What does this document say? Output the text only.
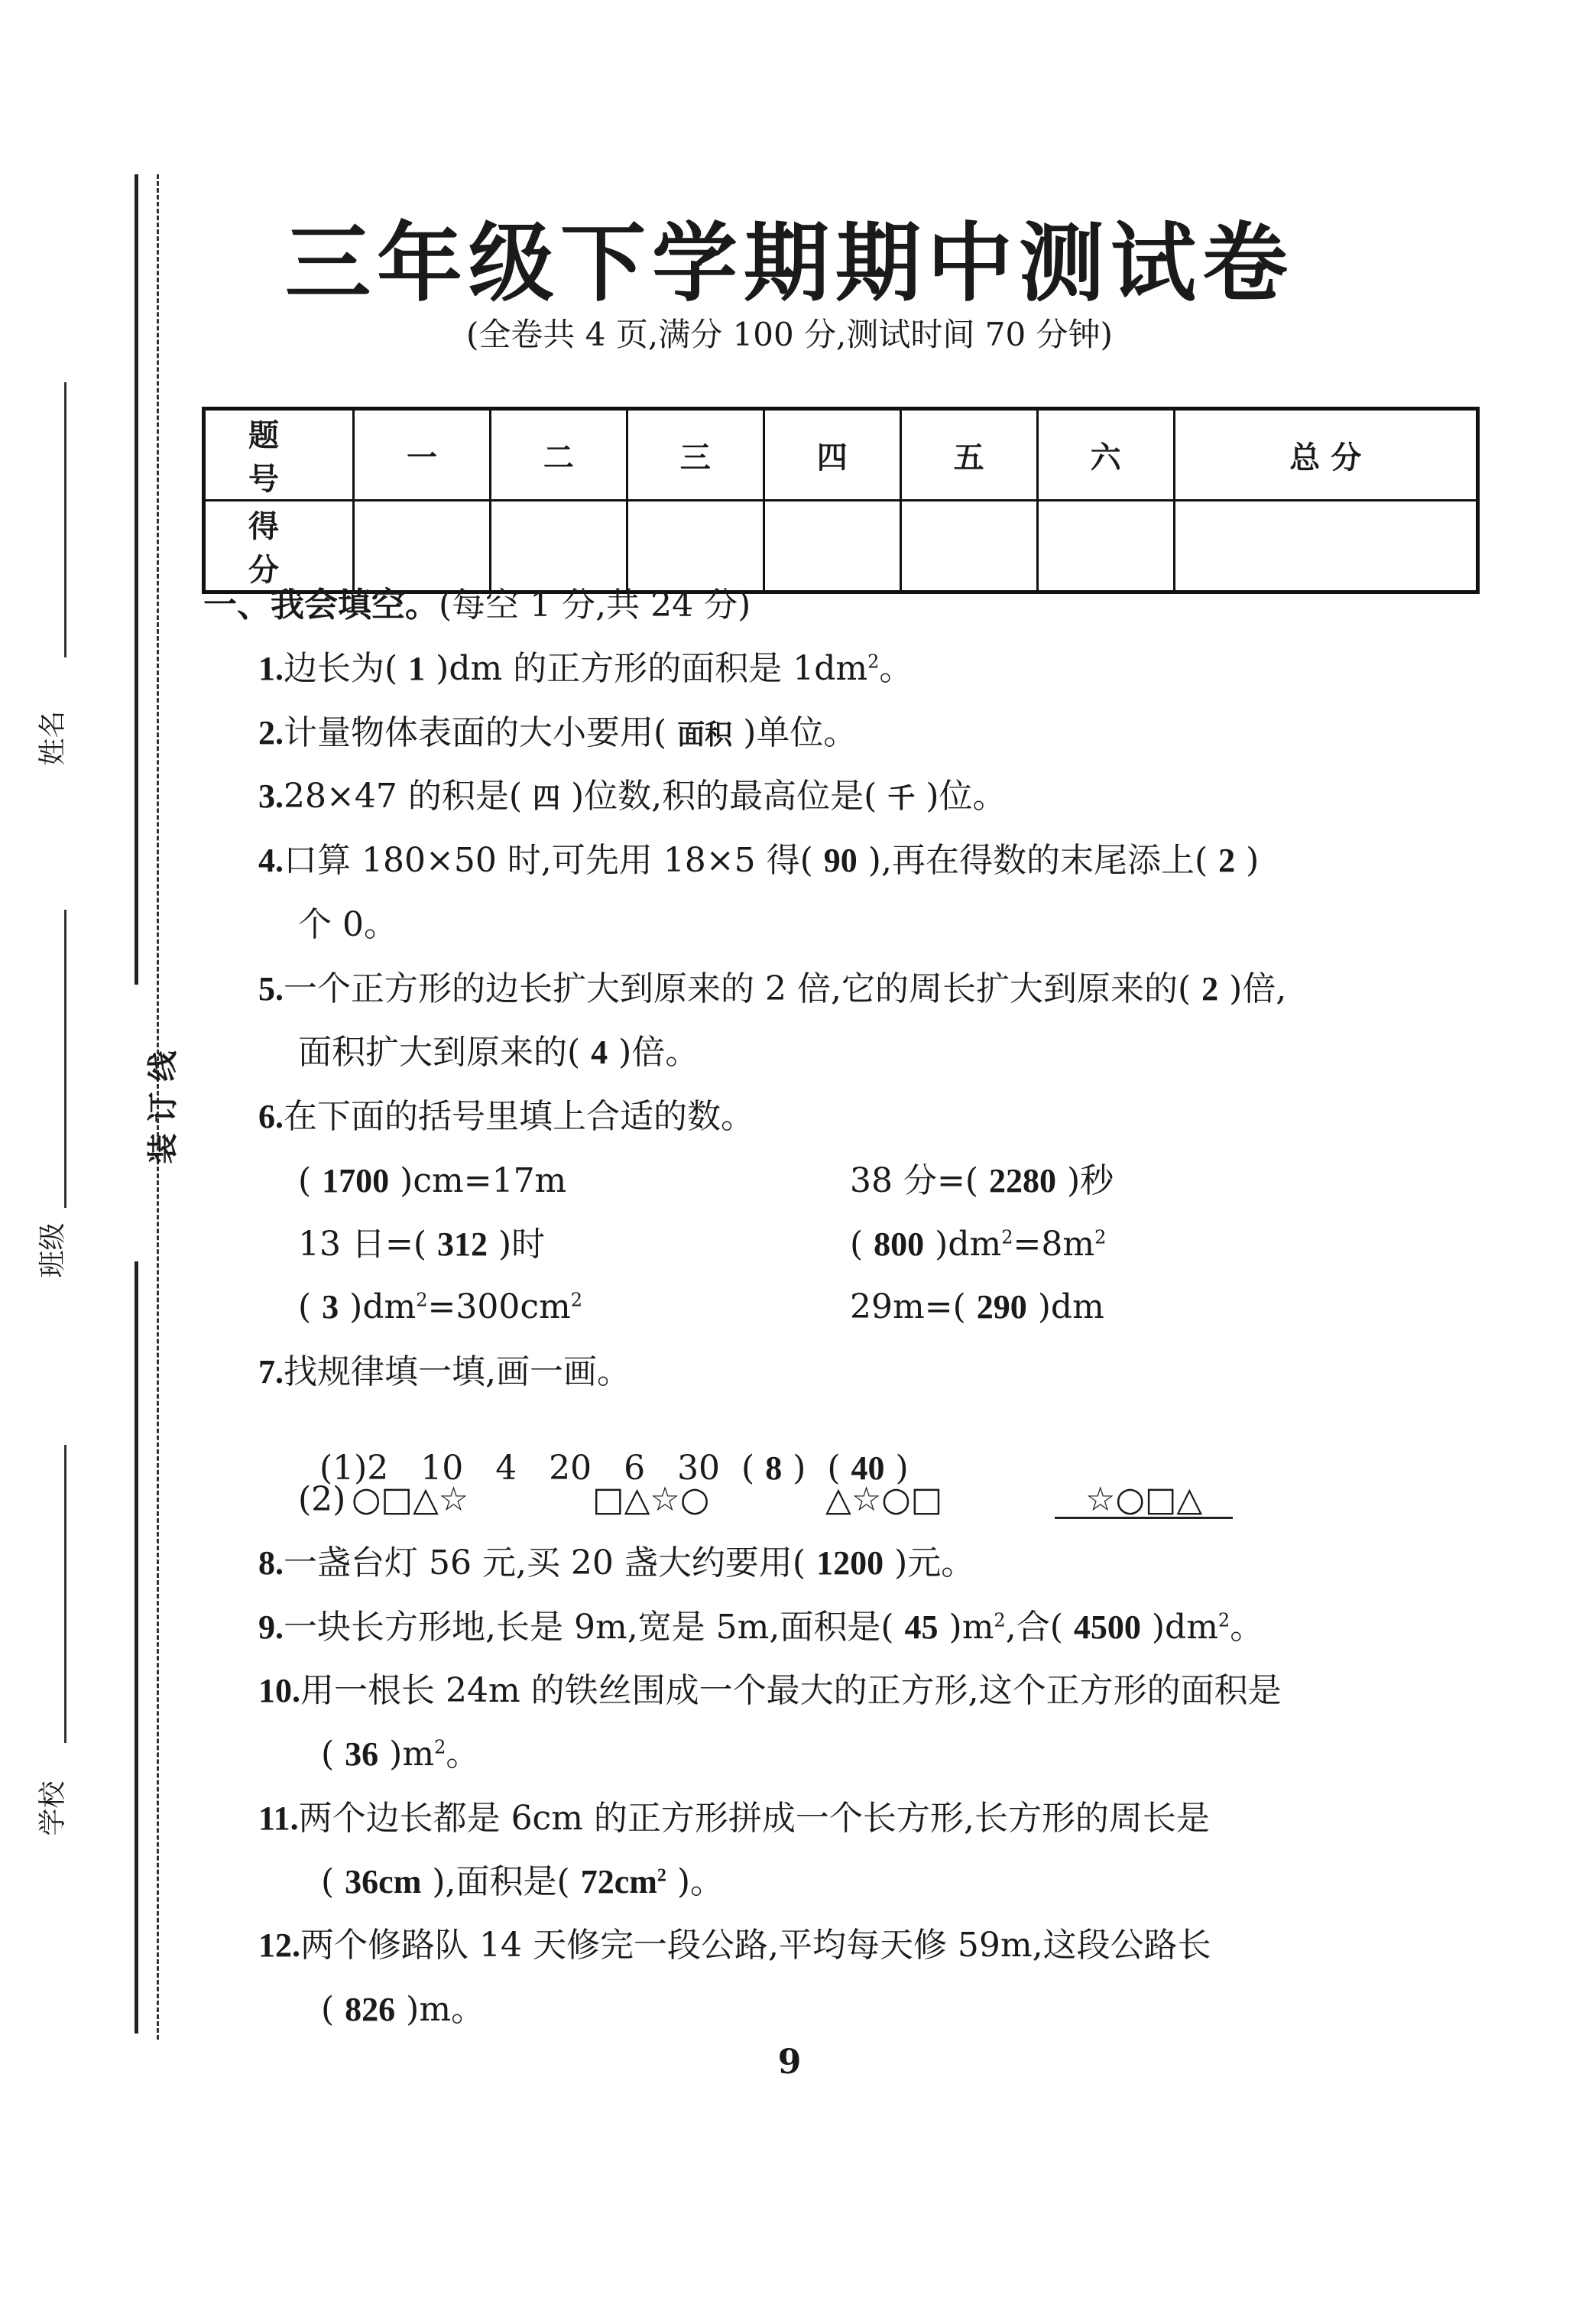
装 订 线
姓名
班级
学校
三年级下学期期中测试卷
(全卷共 4 页,满分 100 分,测试时间 70 分钟)
题 号	一	二	三	四	五	六	总 分
得 分							
一、我会填空。(每空 1 分,共 24 分)
1.边长为( 1 )dm 的正方形的面积是 $1dm^2$。
2.计量物体表面的大小要用( 面积 )单位。
3.28×47 的积是( 四 )位数,积的最高位是( 千 )位。
4.口算 180×50 时,可先用 18×5 得( 90 ),再在得数的末尾添上( 2 )
个 0。
5.一个正方形的边长扩大到原来的 2 倍,它的周长扩大到原来的( 2 )倍,
面积扩大到原来的( 4 )倍。
6.在下面的括号里填上合适的数。
( 1700 )cm=17m	38 分=( 2280 )秒
13 日=( 312 )时	( 800 )$dm^2=8m^2$
( 3 )$dm^2=300cm^2$	29m=( 290 )dm
7.找规律填一填,画一画。

(1)2   10   4   20   6   30  ( 8 )  ( 40 )

(2) ○□△☆	□△☆○	△☆○□	☆○□△
8.一盏台灯 56 元,买 20 盏大约要用( 1200 )元。
9.一块长方形地,长是 9m,宽是 5m,面积是( 45 )$m^2$,合( 4500 )$dm^2$。
10.用一根长 24m 的铁丝围成一个最大的正方形,这个正方形的面积是
( 36 )$m^2$。
11.两个边长都是 6cm 的正方形拼成一个长方形,长方形的周长是
( 36cm ),面积是( $72cm^2$ )。
12.两个修路队 14 天修完一段公路,平均每天修 59m,这段公路长
( 826 )m。
9
